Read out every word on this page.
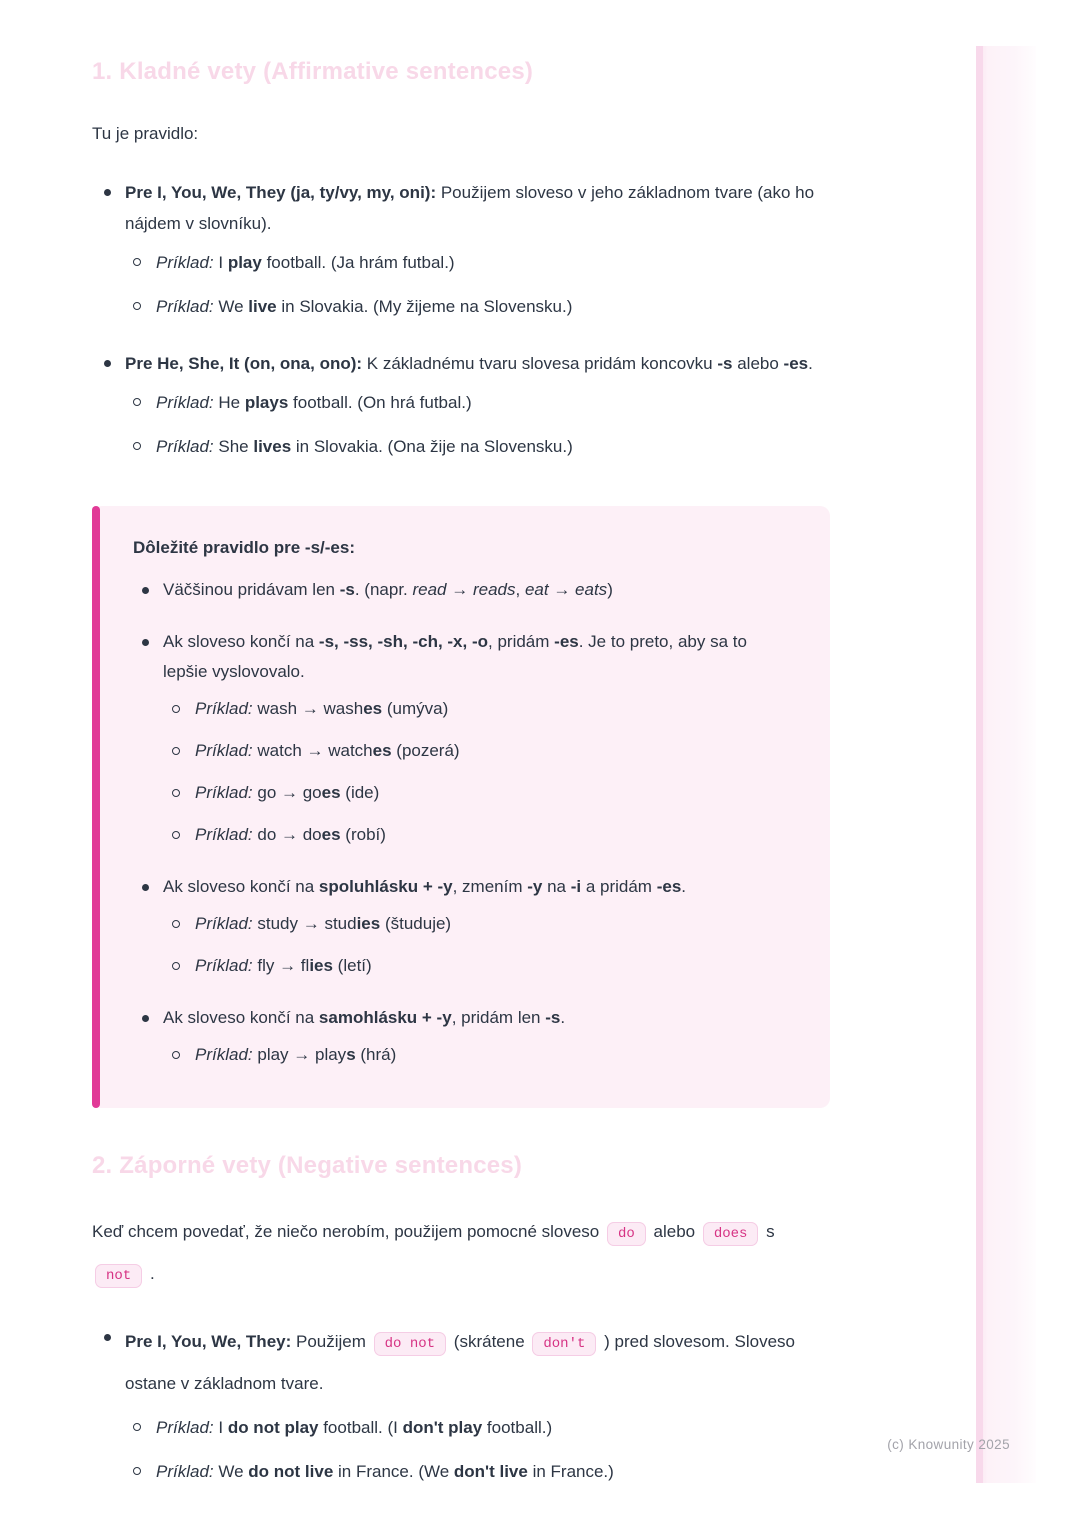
1. Kladné vety (Affirmative sentences)

Tu je pravidlo:

Pre I, You, We, They (ja, ty/vy, my, oni): Použijem sloveso v jeho základnom tvare (ako ho nájdem v slovníku).
Príklad: I play football. (Ja hrám futbal.)
Príklad: We live in Slovakia. (My žijeme na Slovensku.)
Pre He, She, It (on, ona, ono): K základnému tvaru slovesa pridám koncovku -s alebo -es.
Príklad: He plays football. (On hrá futbal.)
Príklad: She lives in Slovakia. (Ona žije na Slovensku.)

Dôležité pravidlo pre -s/-es:

Väčšinou pridávam len -s. (napr. read → reads, eat → eats)
Ak sloveso končí na -s, -ss, -sh, -ch, -x, -o, pridám -es. Je to preto, aby sa to lepšie vyslovovalo.
Príklad: wash → washes (umýva)
Príklad: watch → watches (pozerá)
Príklad: go → goes (ide)
Príklad: do → does (robí)
Ak sloveso končí na spoluhlásku + -y, zmením -y na -i a pridám -es.
Príklad: study → studies (študuje)
Príklad: fly → flies (letí)
Ak sloveso končí na samohlásku + -y, pridám len -s.
Príklad: play → plays (hrá)
2. Záporné vety (Negative sentences)

Keď chcem povedať, že niečo nerobím, použijem pomocné sloveso do alebo does s not .

Pre I, You, We, They: Použijem do not (skrátene don't ) pred slovesom. Sloveso ostane v základnom tvare.
Príklad: I do not play football. (I don't play football.)
Príklad: We do not live in France. (We don't live in France.)
(c) Knowunity 2025
